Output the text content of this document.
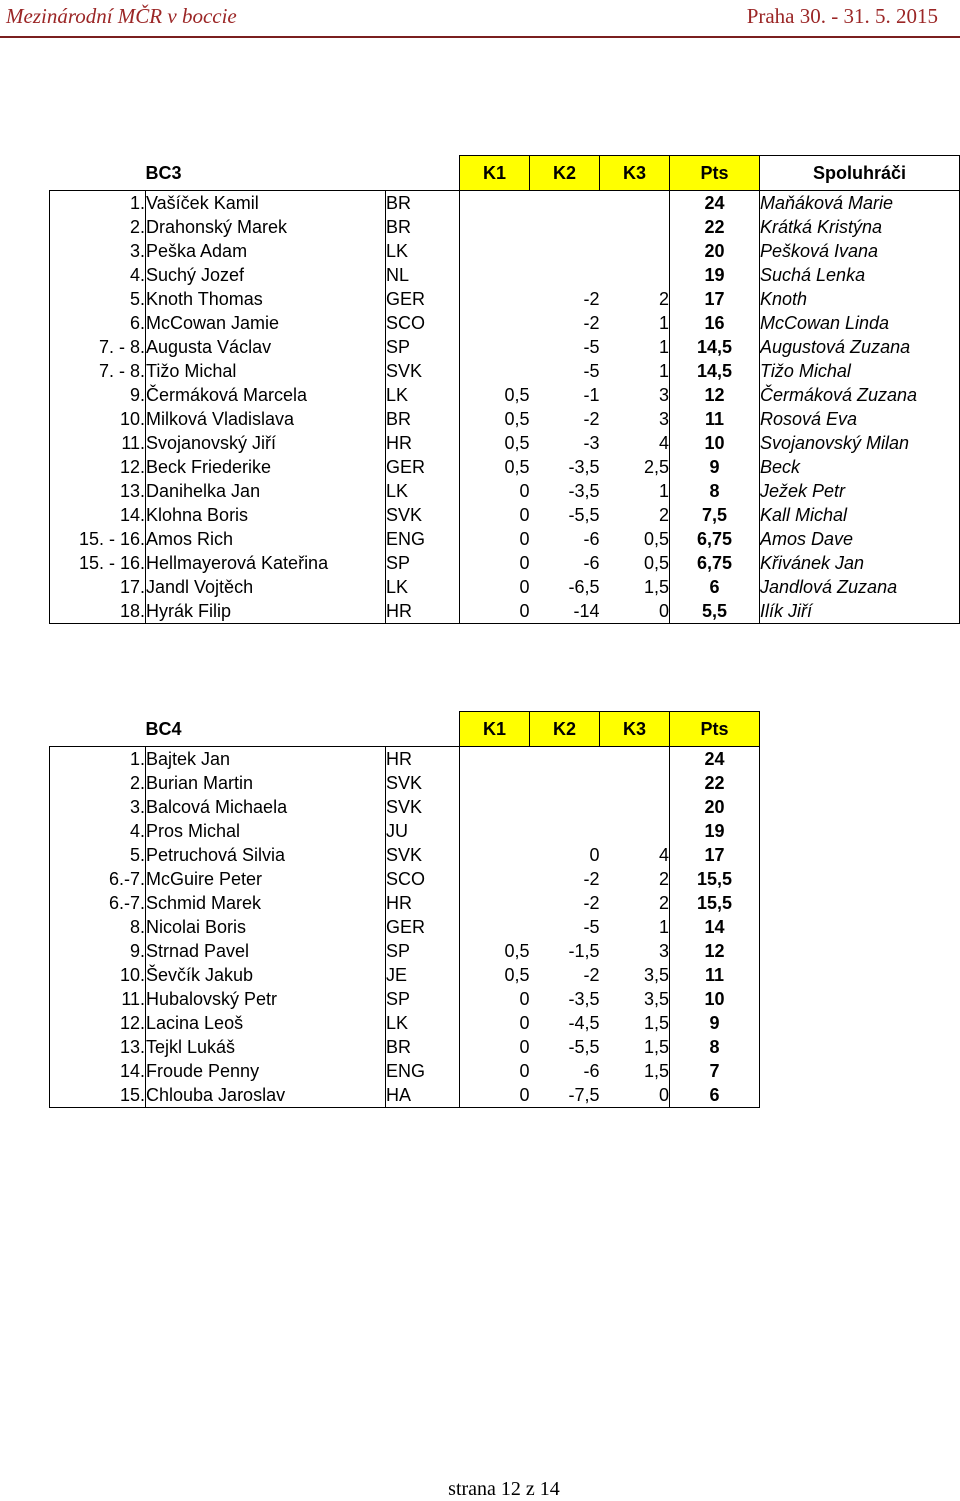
Mezinárodní MČR v boccie	Praha 30. - 31. 5. 2015
	BC3		K1	K2	K3	Pts	Spoluhráči
1.	Vašíček Kamil	BR				24	Maňáková Marie
2.	Drahonský Marek	BR				22	Krátká Kristýna
3.	Peška Adam	LK				20	Pešková Ivana
4.	Suchý Jozef	NL				19	Suchá Lenka
5.	Knoth Thomas	GER		-2	2	17	Knoth
6.	McCowan Jamie	SCO		-2	1	16	McCowan Linda
7. - 8.	Augusta Václav	SP		-5	1	14,5	Augustová Zuzana
7. - 8.	Tižo Michal	SVK		-5	1	14,5	Tižo Michal
9.	Čermáková Marcela	LK	0,5	-1	3	12	Čermáková Zuzana
10.	Milková Vladislava	BR	0,5	-2	3	11	Rosová Eva
11.	Svojanovský Jiří	HR	0,5	-3	4	10	Svojanovský Milan
12.	Beck Friederike	GER	0,5	-3,5	2,5	9	Beck
13.	Danihelka Jan	LK	0	-3,5	1	8	Ježek Petr
14.	Klohna Boris	SVK	0	-5,5	2	7,5	Kall Michal
15. - 16.	Amos Rich	ENG	0	-6	0,5	6,75	Amos Dave
15. - 16.	Hellmayerová Kateřina	SP	0	-6	0,5	6,75	Křivánek Jan
17.	Jandl Vojtěch	LK	0	-6,5	1,5	6	Jandlová Zuzana
18.	Hyrák Filip	HR	0	-14	0	5,5	Ilík Jiří
	BC4		K1	K2	K3	Pts
1.	Bajtek Jan	HR				24
2.	Burian Martin	SVK				22
3.	Balcová Michaela	SVK				20
4.	Pros Michal	JU				19
5.	Petruchová Silvia	SVK		0	4	17
6.-7.	McGuire Peter	SCO		-2	2	15,5
6.-7.	Schmid Marek	HR		-2	2	15,5
8.	Nicolai Boris	GER		-5	1	14
9.	Strnad Pavel	SP	0,5	-1,5	3	12
10.	Ševčík Jakub	JE	0,5	-2	3,5	11
11.	Hubalovský Petr	SP	0	-3,5	3,5	10
12.	Lacina Leoš	LK	0	-4,5	1,5	9
13.	Tejkl Lukáš	BR	0	-5,5	1,5	8
14.	Froude Penny	ENG	0	-6	1,5	7
15.	Chlouba Jaroslav	HA	0	-7,5	0	6
strana 12 z 14
